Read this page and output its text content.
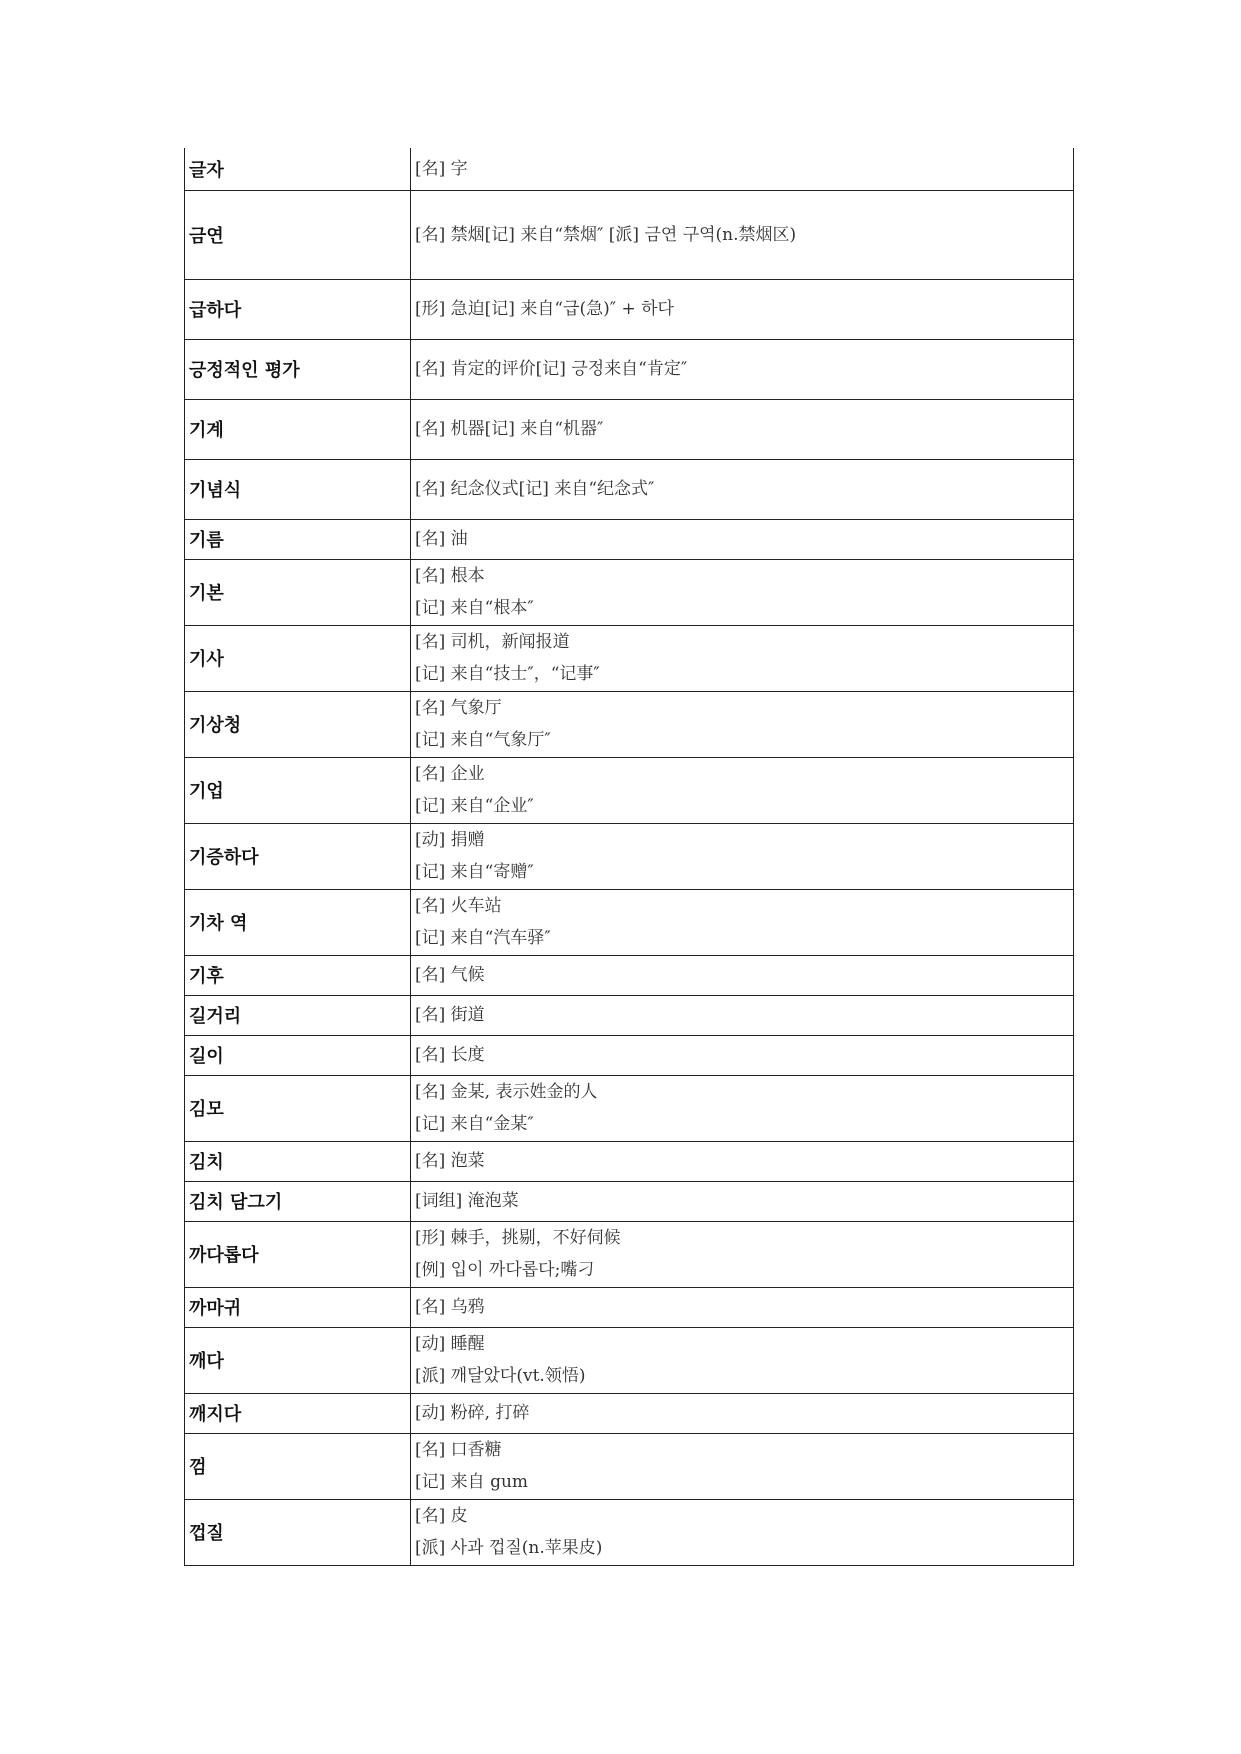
글자	[名] 字

금연	[名] 禁烟[记] 来自“禁烟″ [派] 금연 구역(n.禁烟区)

급하다	[形] 急迫[记] 来自“급(急)″ + 하다

긍정적인 평가	[名] 肯定的评价[记] 긍정来自“肯定″

기계	[名] 机器[记] 来自“机器″

기념식	[名] 纪念仪式[记] 来自“纪念式″

기름	[名] 油

기본	[名] 根本
[记] 来自“根本″

기사	[名] 司机，新闻报道
[记] 来自“技士″，“记事″

기상청	[名] 气象厅
[记] 来自“气象厅″

기업	[名] 企业
[记] 来自“企业″

기증하다	[动] 捐赠
[记] 来自“寄赠″

기차 역	[名] 火车站
[记] 来自“汽车驿″

기후	[名] 气候

길거리	[名] 街道

길이	[名] 长度

김모	[名] 金某, 表示姓金的人
[记] 来自“金某″

김치	[名] 泡菜

김치 담그기	[词组] 淹泡菜

까다롭다	[形] 棘手，挑剔，不好伺候
[例] 입이 까다롭다;嘴刁

까마귀	[名] 乌鸦

깨다	[动] 睡醒
[派] 깨달았다(vt.领悟)

깨지다	[动] 粉碎, 打碎

껌	[名] 口香糖
[记] 来自 gum

껍질	[名] 皮
[派] 사과 껍질(n.苹果皮)
